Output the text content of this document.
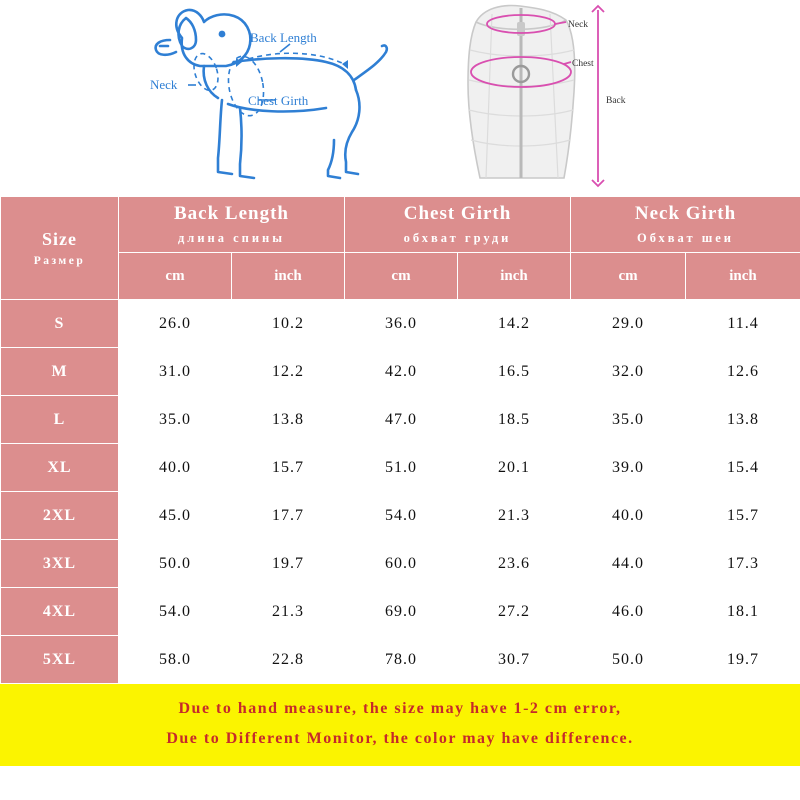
Back Length
Neck
Chest Girth
Neck
Chest
Back
Size
Размер	Back Length
длина спины		Chest Girth
обхват груди		Neck Girth
Обхват шеи	

	cm	inch	cm	inch	cm	inch
S	26.0	10.2	36.0	14.2	29.0	11.4
M	31.0	12.2	42.0	16.5	32.0	12.6
L	35.0	13.8	47.0	18.5	35.0	13.8
XL	40.0	15.7	51.0	20.1	39.0	15.4
2XL	45.0	17.7	54.0	21.3	40.0	15.7
3XL	50.0	19.7	60.0	23.6	44.0	17.3
4XL	54.0	21.3	69.0	27.2	46.0	18.1
5XL	58.0	22.8	78.0	30.7	50.0	19.7
Due to hand measure, the size may have 1-2 cm error,
Due to Different Monitor, the color may have difference.
